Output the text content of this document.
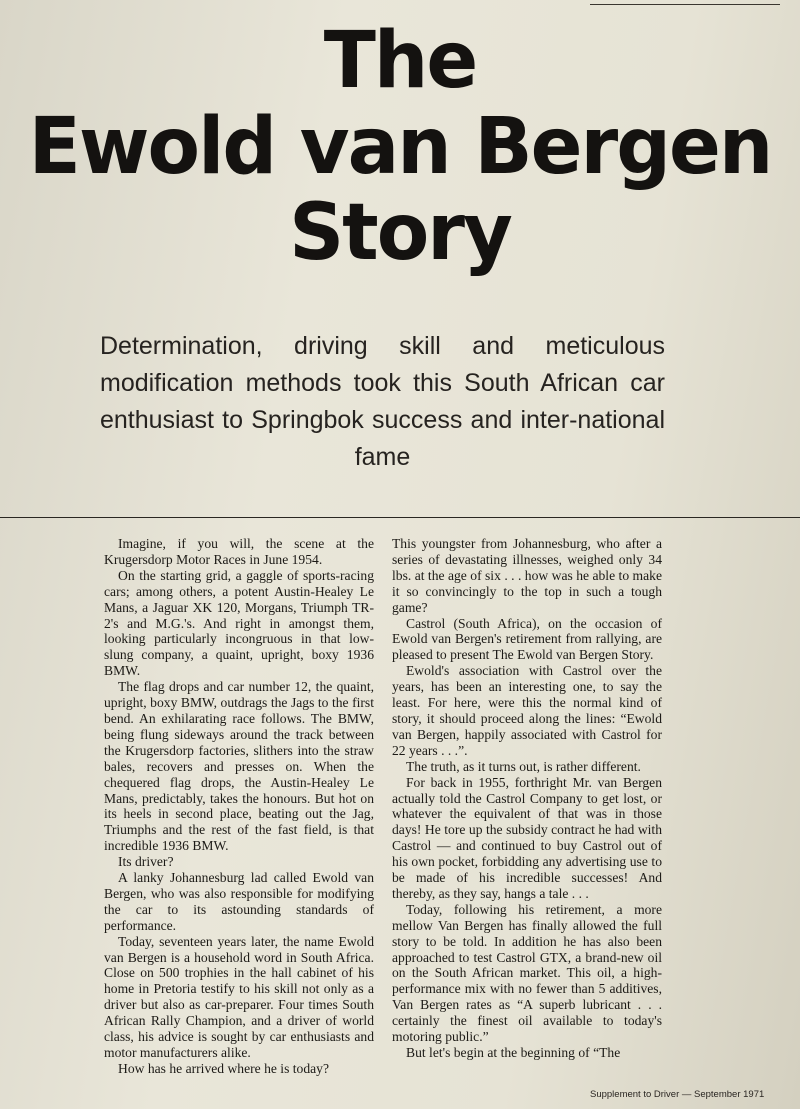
The
Ewold van Bergen
Story
Determination, driving skill and meticulous modification methods took this South African car enthusiast to Springbok success and inter-national fame

Imagine, if you will, the scene at the Krugersdorp Motor Races in June 1954.

On the starting grid, a gaggle of sports-racing cars; among others, a potent Austin-Healey Le Mans, a Jaguar XK 120, Morgans, Triumph TR-2's and M.G.'s. And right in amongst them, looking particularly incongruous in that low-slung company, a quaint, upright, boxy 1936 BMW.

The flag drops and car number 12, the quaint, upright, boxy BMW, outdrags the Jags to the first bend. An exhilarating race follows. The BMW, being flung sideways around the track between the Krugersdorp factories, slithers into the straw bales, recovers and presses on. When the chequered flag drops, the Austin-Healey Le Mans, predictably, takes the honours. But hot on its heels in second place, beating out the Jag, Triumphs and the rest of the fast field, is that incredible 1936 BMW.

Its driver?

A lanky Johannesburg lad called Ewold van Bergen, who was also responsible for modifying the car to its astounding standards of performance.

Today, seventeen years later, the name Ewold van Bergen is a household word in South Africa. Close on 500 trophies in the hall cabinet of his home in Pretoria testify to his skill not only as a driver but also as car-preparer. Four times South African Rally Champion, and a driver of world class, his advice is sought by car enthusiasts and motor manufacturers alike.

How has he arrived where he is today?

This youngster from Johannesburg, who after a series of devastating illnesses, weighed only 34 lbs. at the age of six . . . how was he able to make it so convincingly to the top in such a tough game?

Castrol (South Africa), on the occasion of Ewold van Bergen's retirement from rallying, are pleased to present The Ewold van Bergen Story.

Ewold's association with Castrol over the years, has been an interesting one, to say the least. For here, were this the normal kind of story, it should proceed along the lines: “Ewold van Bergen, happily associated with Castrol for 22 years . . .”.

The truth, as it turns out, is rather different.

For back in 1955, forthright Mr. van Bergen actually told the Castrol Company to get lost, or whatever the equivalent of that was in those days! He tore up the subsidy contract he had with Castrol — and continued to buy Castrol out of his own pocket, forbidding any advertising use to be made of his incredible successes! And thereby, as they say, hangs a tale . . .

Today, following his retirement, a more mellow Van Bergen has finally allowed the full story to be told. In addition he has also been approached to test Castrol GTX, a brand-new oil on the South African market. This oil, a high-performance mix with no fewer than 5 additives, Van Bergen rates as “A superb lubricant . . . certainly the finest oil available to today's motoring public.”

But let's begin at the beginning of “The

Supplement to Driver — September 1971
